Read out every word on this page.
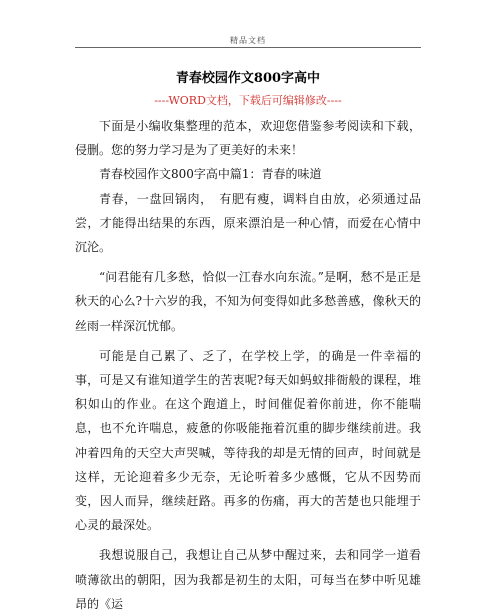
精品文档
青春校园作文800字高中
----WORD文档，下载后可编辑修改----

下面是小编收集整理的范本，欢迎您借鉴参考阅读和下载，侵删。您的努力学习是为了更美好的未来！

青春校园作文800字高中篇1：青春的味道

青春，一盘回锅肉，　有肥有瘦，调料自由放，必须通过品尝，才能得出结果的东西，原来漂泊是一种心情，而爱在心情中沉沦。

“问君能有几多愁，恰似一江春水向东流。”是啊，愁不是正是秋天的心么?十六岁的我，不知为何变得如此多愁善感，像秋天的丝雨一样深沉忧郁。

可能是自己累了、乏了，在学校上学，的确是一件幸福的事，可是又有谁知道学生的苦衷呢?每天如蚂蚁排衙般的课程，堆积如山的作业。在这个跑道上，时间催促着你前进，你不能喘息，也不允许喘息，疲惫的你吸能拖着沉重的脚步继续前进。我冲着四角的天空大声哭喊，等待我的却是无情的回声，时间就是这样，无论迎着多少无奈，无论听着多少感慨，它从不因势而变，因人而异，继续赶路。再多的伤痛，再大的苦楚也只能埋于心灵的最深处。

我想说服自己，我想让自己从梦中醒过来，去和同学一道看喷薄欲出的朝阳，因为我都是初生的太阳，可每当在梦中听见雄昂的《运
